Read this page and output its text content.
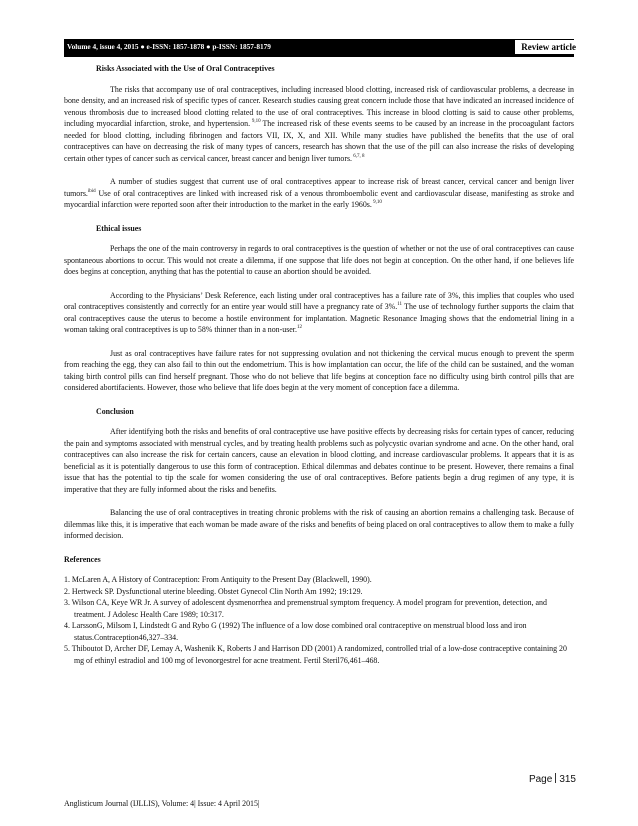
Volume 4, issue 4, 2015 ● e-ISSN: 1857-1878 ● p-ISSN: 1857-8179	Review article
Risks Associated with the Use of Oral Contraceptives

The risks that accompany use of oral contraceptives, including increased blood clotting, increased risk of cardiovascular problems, a decrease in bone density, and an increased risk of specific types of cancer. Research studies causing great concern include those that have indicated an increased incidence of venous thrombosis due to increased blood clotting related to the use of oral contraceptives. This increase in blood clotting is said to cause other problems, including myocardial infarction, stroke, and hypertension. $^{9,10}$ The increased risk of these events seems to be caused by an increase in the procoagulant factors needed for blood clotting, including fibrinogen and factors VII, IX, X, and XII. While many studies have published the benefits that the use of oral contraceptives can have on decreasing the risk of many types of cancers, research has shown that the use of the pill can also increase the risks of developing certain other types of cancer such as cervical cancer, breast cancer and benign liver tumors. $^{6,7, 8}$

A number of studies suggest that current use of oral contraceptives appear to increase risk of breast cancer, cervical cancer and benign liver tumors.$^{ibid}$ Use of oral contraceptives are linked with increased risk of a venous thromboembolic event and cardiovascular disease, manifesting as stroke and myocardial infarction were reported soon after their introduction to the market in the early 1960s. $^{9,10}$

Ethical issues

Perhaps the one of the main controversy in regards to oral contraceptives is the question of whether or not the use of oral contraceptives can cause spontaneous abortions to occur. This would not create a dilemma, if one suppose that life does not begin at conception. On the other hand, if one believes life does begins at conception, anything that has the potential to cause an abortion should be avoided.

According to the Physicians’ Desk Reference, each listing under oral contraceptives has a failure rate of 3%, this implies that couples who used oral contraceptives consistently and correctly for an entire year would still have a pregnancy rate of 3%.$^{11}$ The use of technology further supports the claim that oral contraceptives cause the uterus to become a hostile environment for implantation. Magnetic Resonance Imaging shows that the endometrial lining in a woman taking oral contraceptives is up to 58% thinner than in a non-user.$^{12}$

Just as oral contraceptives have failure rates for not suppressing ovulation and not thickening the cervical mucus enough to prevent the sperm from reaching the egg, they can also fail to thin out the endometrium. This is how implantation can occur, the life of the child can be sustained, and the woman taking birth control pills can find herself pregnant. Those who do not believe that life begins at conception face no difficulty using birth control pills that are considered abortifacients. However, those who believe that life does begin at the very moment of conception face a dilemma.

Conclusion

After identifying both the risks and benefits of oral contraceptive use have positive effects by decreasing risks for certain types of cancer, reducing the pain and symptoms associated with menstrual cycles, and by treating health problems such as polycystic ovarian syndrome and acne. On the other hand, oral contraceptives can also increase the risk for certain cancers, cause an elevation in blood clotting, and increase cardiovascular problems. It appears that it is as beneficial as it is potentially dangerous to use this form of contraception. Ethical dilemmas and debates continue to be present. However, there remains a final issue that has the potential to tip the scale for women considering the use of oral contraceptives. Before patients begin a drug regimen of any type, it is imperative that they are fully informed about the risks and benefits.

Balancing the use of oral contraceptives in treating chronic problems with the risk of causing an abortion remains a challenging task. Because of dilemmas like this, it is imperative that each woman be made aware of the risks and benefits of being placed on oral contraceptives to allow them to make a fully informed decision.

References
1. McLaren A, A History of Contraception: From Antiquity to the Present Day (Blackwell, 1990).
2. Hertweck SP. Dysfunctional uterine bleeding. Obstet Gynecol Clin North Am 1992; 19:129.
3. Wilson CA, Keye WR Jr. A survey of adolescent dysmenorrhea and premenstrual symptom frequency. A model program for prevention, detection, and treatment. J Adolesc Health Care 1989; 10:317.
4. LarssonG, Milsom I, Lindstedt G and Rybo G (1992) The influence of a low dose combined oral contraceptive on menstrual blood loss and iron status.Contraception46,327–334.
5. Thiboutot D, Archer DF, Lemay A, Washenik K, Roberts J and Harrison DD (2001) A randomized, controlled trial of a low-dose contraceptive containing 20 mg of ethinyl estradiol and 100 mg of levonorgestrel for acne treatment. Fertil Steril76,461–468.
Page 315
Anglisticum Journal (IJLLIS), Volume: 4| Issue: 4 April 2015|
